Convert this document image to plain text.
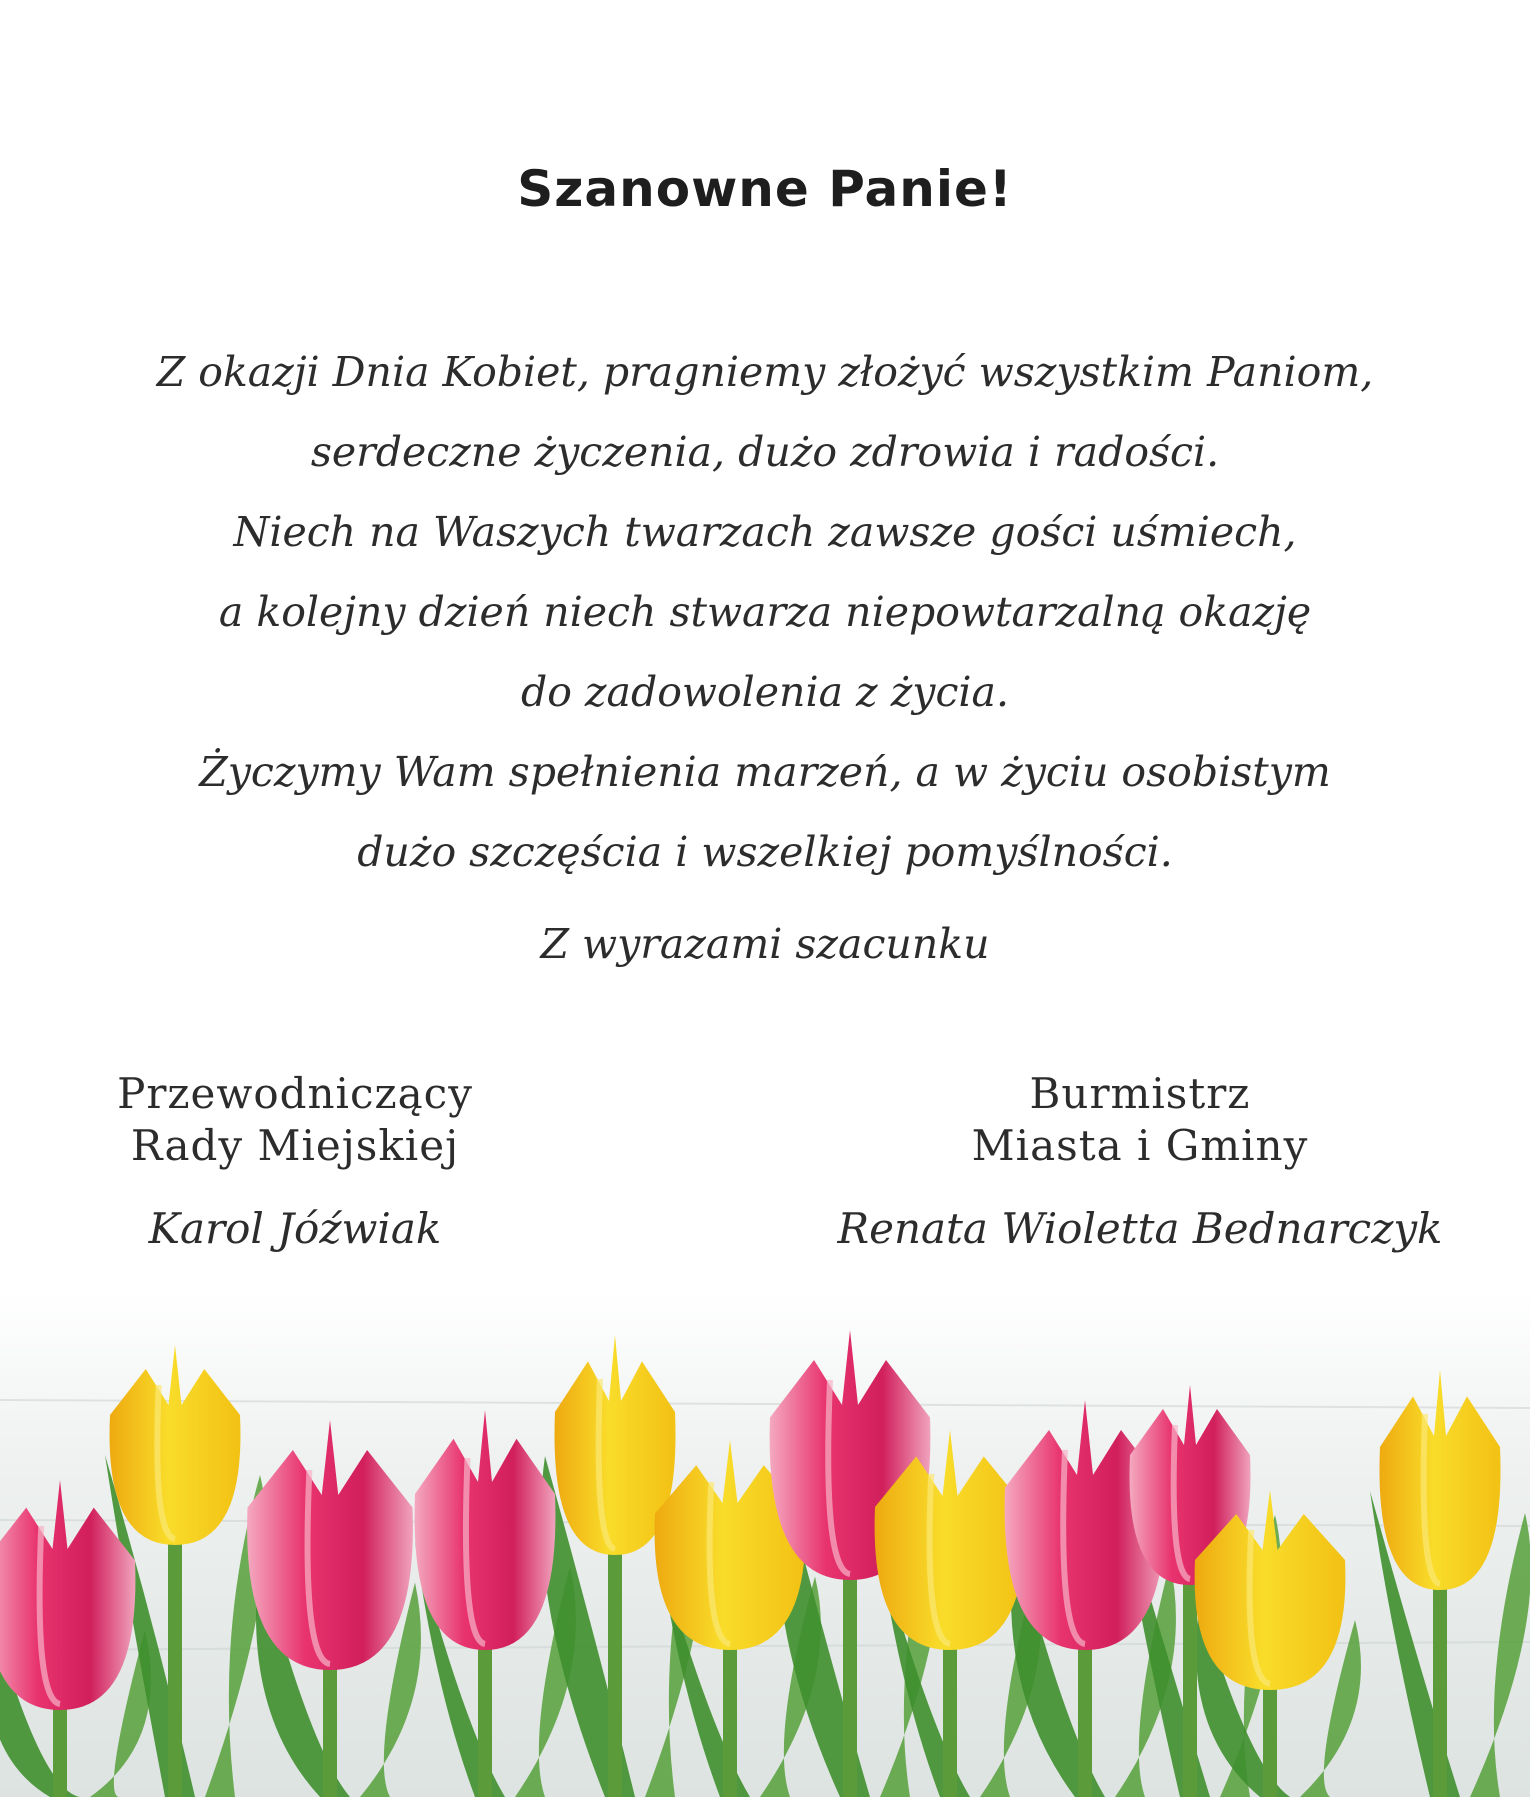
Szanowne Panie!

Z okazji Dnia Kobiet, pragniemy złożyć wszystkim Paniom,
serdeczne życzenia, dużo zdrowia i radości.
Niech na Waszych twarzach zawsze gości uśmiech,
a kolejny dzień niech stwarza niepowtarzalną okazję
do zadowolenia z życia.
Życzymy Wam spełnienia marzeń, a w życiu osobistym
dużo szczęścia i wszelkiej pomyślności.

Z wyrazami szacunku
Przewodniczący
Rady Miejskiej
Karol Jóźwiak
Burmistrz
Miasta i Gminy
Renata Wioletta Bednarczyk
